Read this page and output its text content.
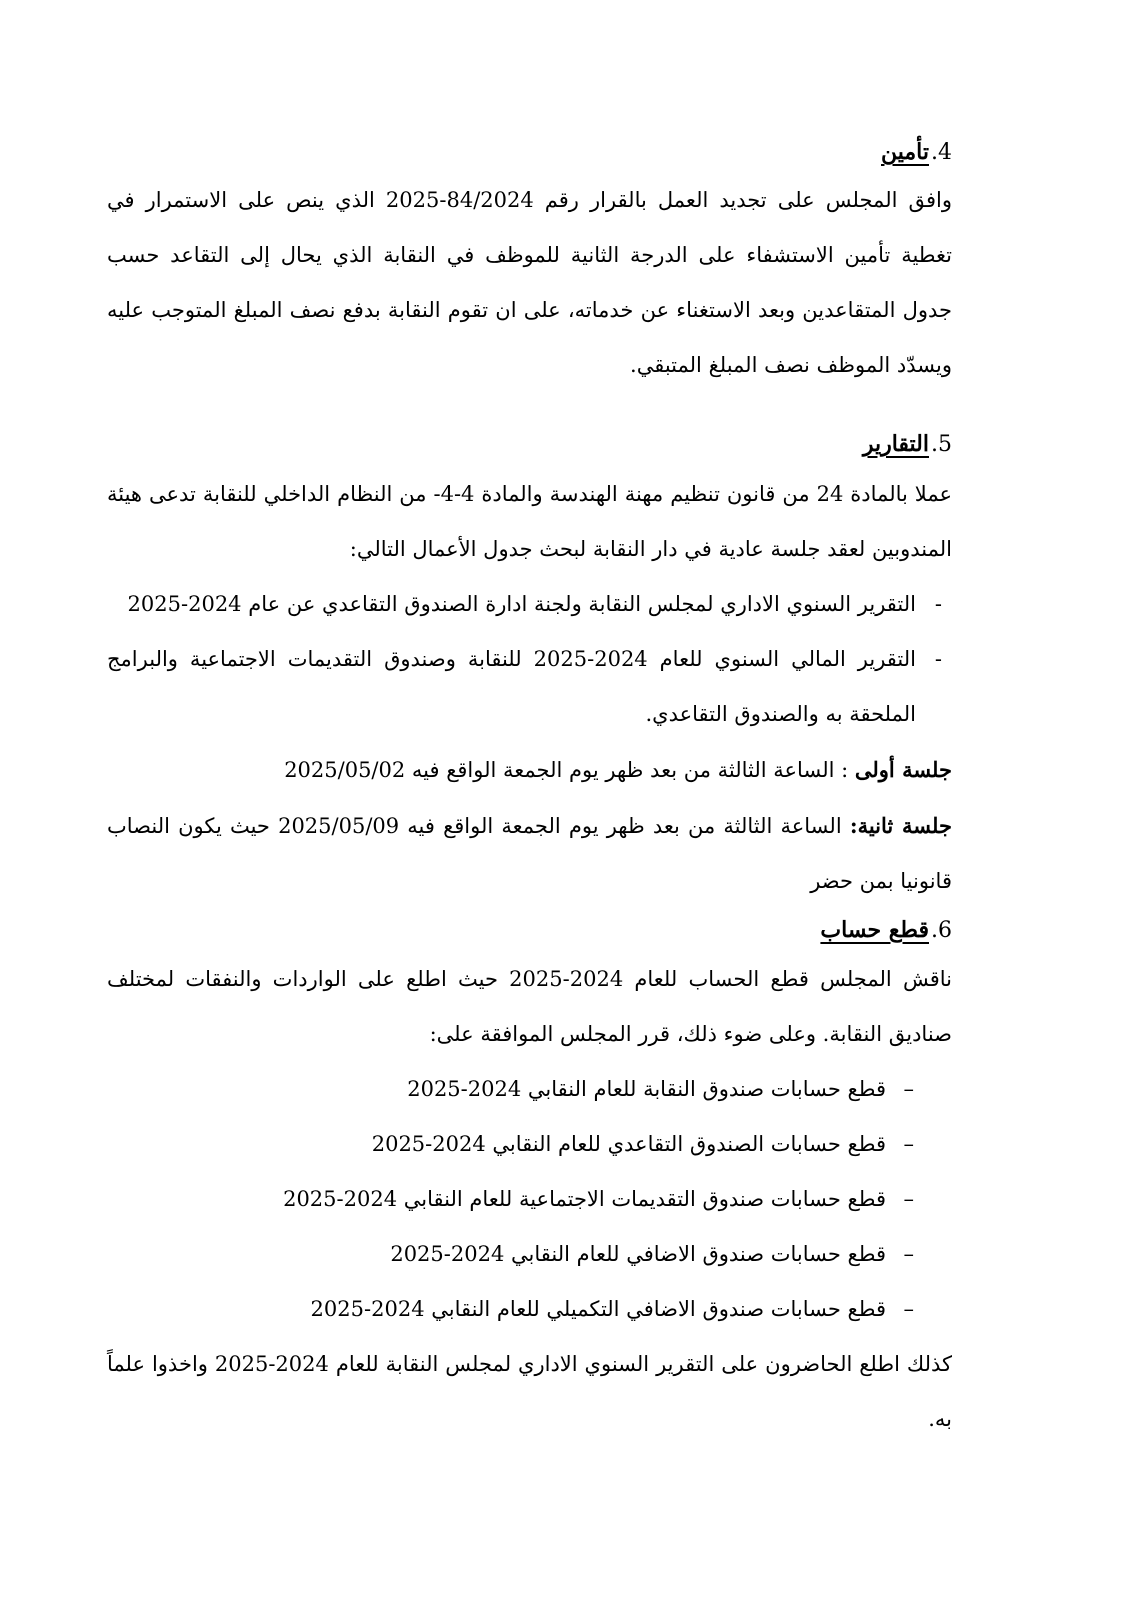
4.تأمين

وافق المجلس على تجديد العمل بالقرار رقم 84/2024-2025 الذي ينص على الاستمرار في تغطية تأمين الاستشفاء على الدرجة الثانية للموظف في النقابة الذي يحال إلى التقاعد حسب جدول المتقاعدين وبعد الاستغناء عن خدماته، على ان تقوم النقابة بدفع نصف المبلغ المتوجب عليه ويسدّد الموظف نصف المبلغ المتبقي.

5.التقارير

عملا بالمادة 24 من قانون تنظيم مهنة الهندسة والمادة 4-4- من النظام الداخلي للنقابة تدعى هيئة المندوبين لعقد جلسة عادية في دار النقابة لبحث جدول الأعمال التالي:

- التقرير السنوي الاداري لمجلس النقابة ولجنة ادارة الصندوق التقاعدي عن عام 2024-2025
- التقرير المالي السنوي للعام 2024-2025 للنقابة وصندوق التقديمات الاجتماعية والبرامج الملحقة به والصندوق التقاعدي.

جلسة أولى : الساعة الثالثة من بعد ظهر يوم الجمعة الواقع فيه 2025/05/02

جلسة ثانية: الساعة الثالثة من بعد ظهر يوم الجمعة الواقع فيه 2025/05/09 حيث يكون النصاب قانونيا بمن حضر

6.قطع حساب

ناقش المجلس قطع الحساب للعام 2024-2025 حيث اطلع على الواردات والنفقات لمختلف صناديق النقابة. وعلى ضوء ذلك، قرر المجلس الموافقة على:

– قطع حسابات صندوق النقابة للعام النقابي 2024-2025
– قطع حسابات الصندوق التقاعدي للعام النقابي 2024-2025
– قطع حسابات صندوق التقديمات الاجتماعية للعام النقابي 2024-2025
– قطع حسابات صندوق الاضافي للعام النقابي 2024-2025
– قطع حسابات صندوق الاضافي التكميلي للعام النقابي 2024-2025

كذلك اطلع الحاضرون على التقرير السنوي الاداري لمجلس النقابة للعام 2024-2025 واخذوا علماً به.
